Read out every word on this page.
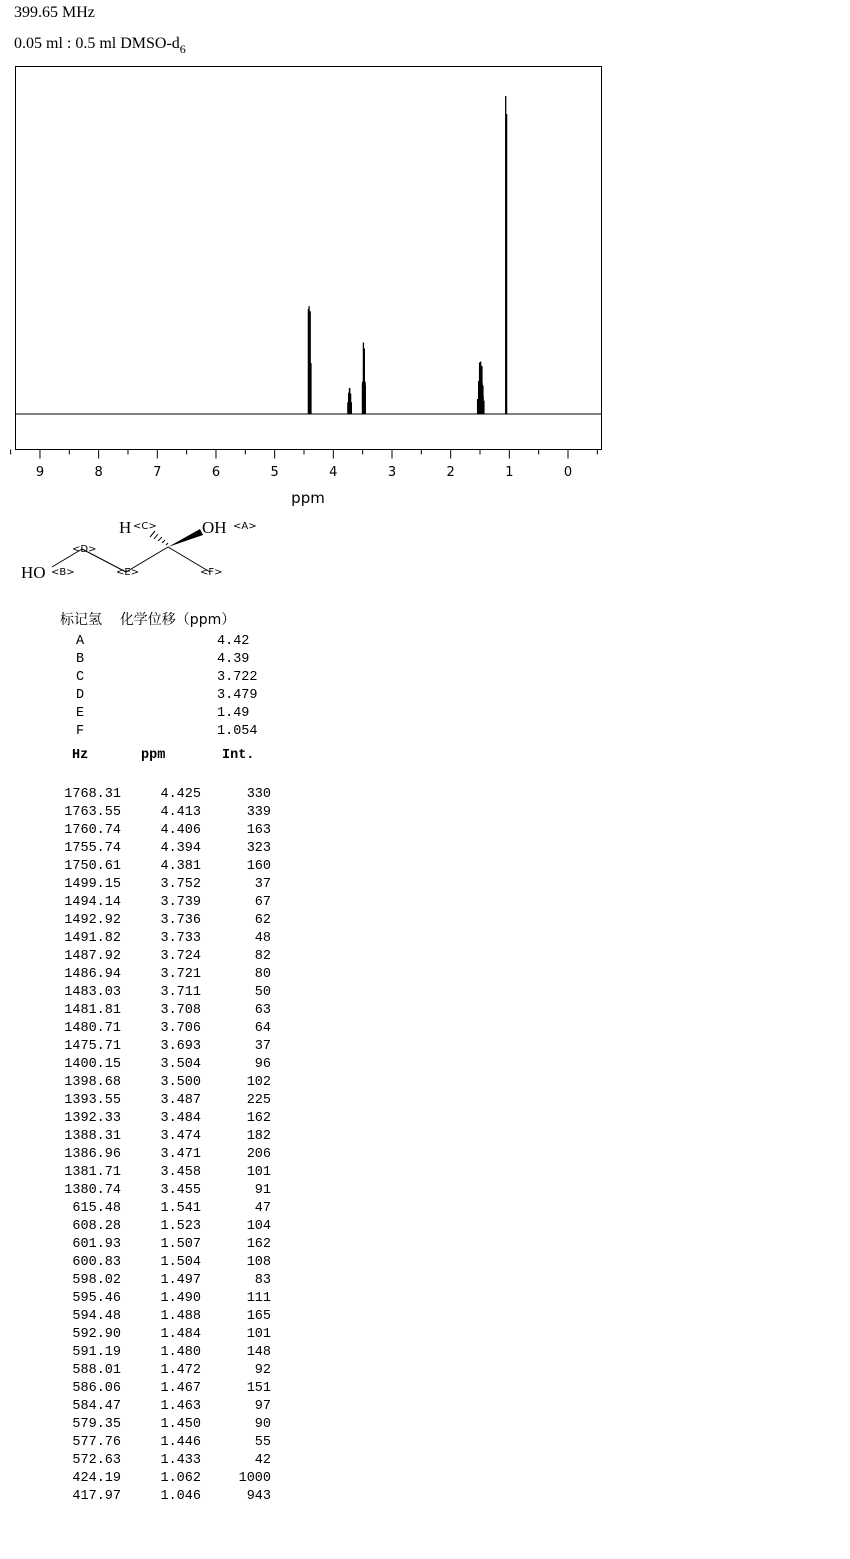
399.65 MHz
0.05 ml : 0.5 ml DMSO-$d_6$
9	8	7	6	5	4	3	2	1	0
ppm
H <C>	OH <A>
HO <B>
<D>
<E>	<F>
标记氢 化学位移（ppm）
A	4.42
B	4.39
C	3.722
D	3.479
E	1.49
F	1.054
Hz	ppm	Int.
1768.31	4.425	330
1763.55	4.413	339
1760.74	4.406	163
1755.74	4.394	323
1750.61	4.381	160
1499.15	3.752	37
1494.14	3.739	67
1492.92	3.736	62
1491.82	3.733	48
1487.92	3.724	82
1486.94	3.721	80
1483.03	3.711	50
1481.81	3.708	63
1480.71	3.706	64
1475.71	3.693	37
1400.15	3.504	96
1398.68	3.500	102
1393.55	3.487	225
1392.33	3.484	162
1388.31	3.474	182
1386.96	3.471	206
1381.71	3.458	101
1380.74	3.455	91
615.48	1.541	47
608.28	1.523	104
601.93	1.507	162
600.83	1.504	108
598.02	1.497	83
595.46	1.490	111
594.48	1.488	165
592.90	1.484	101
591.19	1.480	148
588.01	1.472	92
586.06	1.467	151
584.47	1.463	97
579.35	1.450	90
577.76	1.446	55
572.63	1.433	42
424.19	1.062	1000
417.97	1.046	943
